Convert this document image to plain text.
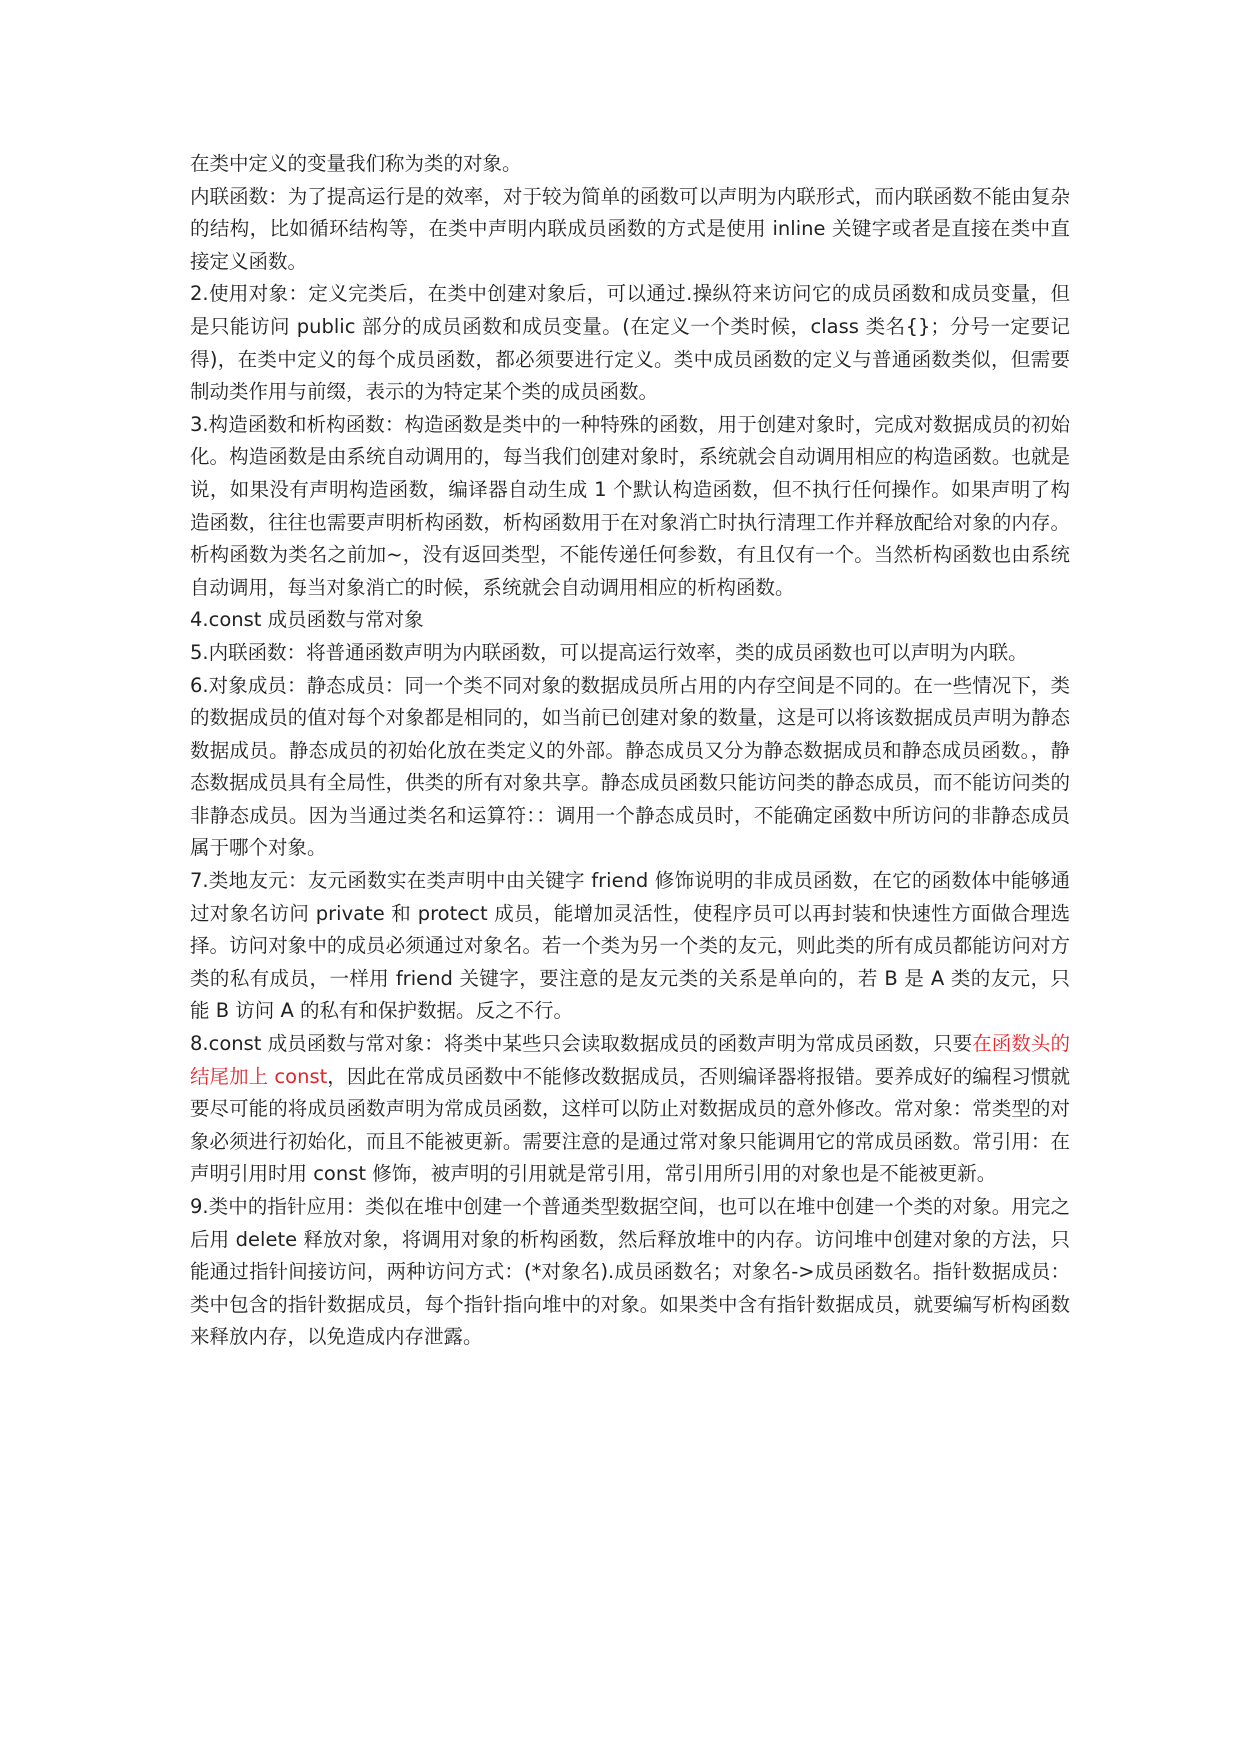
在类中定义的变量我们称为类的对象。

内联函数：为了提高运行是的效率，对于较为简单的函数可以声明为内联形式，而内联函数不能由复杂的结构，比如循环结构等，在类中声明内联成员函数的方式是使用 inline 关键字或者是直接在类中直接定义函数。

2.使用对象：定义完类后，在类中创建对象后，可以通过.操纵符来访问它的成员函数和成员变量，但是只能访问 public 部分的成员函数和成员变量。(在定义一个类时候，class 类名{}；分号一定要记得)，在类中定义的每个成员函数，都必须要进行定义。类中成员函数的定义与普通函数类似，但需要制动类作用与前缀，表示的为特定某个类的成员函数。

3.构造函数和析构函数：构造函数是类中的一种特殊的函数，用于创建对象时，完成对数据成员的初始化。构造函数是由系统自动调用的，每当我们创建对象时，系统就会自动调用相应的构造函数。也就是说，如果没有声明构造函数，编译器自动生成 1 个默认构造函数，但不执行任何操作。如果声明了构造函数，往往也需要声明析构函数，析构函数用于在对象消亡时执行清理工作并释放配给对象的内存。析构函数为类名之前加~，没有返回类型，不能传递任何参数，有且仅有一个。当然析构函数也由系统自动调用，每当对象消亡的时候，系统就会自动调用相应的析构函数。

4.const 成员函数与常对象

5.内联函数：将普通函数声明为内联函数，可以提高运行效率，类的成员函数也可以声明为内联。

6.对象成员：静态成员：同一个类不同对象的数据成员所占用的内存空间是不同的。在一些情况下，类的数据成员的值对每个对象都是相同的，如当前已创建对象的数量，这是可以将该数据成员声明为静态数据成员。静态成员的初始化放在类定义的外部。静态成员又分为静态数据成员和静态成员函数。，静态数据成员具有全局性，供类的所有对象共享。静态成员函数只能访问类的静态成员，而不能访问类的非静态成员。因为当通过类名和运算符：：调用一个静态成员时，不能确定函数中所访问的非静态成员属于哪个对象。

7.类地友元：友元函数实在类声明中由关键字 friend 修饰说明的非成员函数，在它的函数体中能够通过对象名访问 private 和 protect 成员，能增加灵活性，使程序员可以再封装和快速性方面做合理选择。访问对象中的成员必须通过对象名。若一个类为另一个类的友元，则此类的所有成员都能访问对方类的私有成员，一样用 friend 关键字，要注意的是友元类的关系是单向的，若 B 是 A 类的友元，只能 B 访问 A 的私有和保护数据。反之不行。

8.const 成员函数与常对象：将类中某些只会读取数据成员的函数声明为常成员函数，只要在函数头的结尾加上 const，因此在常成员函数中不能修改数据成员，否则编译器将报错。要养成好的编程习惯就要尽可能的将成员函数声明为常成员函数，这样可以防止对数据成员的意外修改。常对象：常类型的对象必须进行初始化，而且不能被更新。需要注意的是通过常对象只能调用它的常成员函数。常引用：在声明引用时用 const 修饰，被声明的引用就是常引用，常引用所引用的对象也是不能被更新。

9.类中的指针应用：类似在堆中创建一个普通类型数据空间，也可以在堆中创建一个类的对象。用完之后用 delete 释放对象，将调用对象的析构函数，然后释放堆中的内存。访问堆中创建对象的方法，只能通过指针间接访问，两种访问方式：(*对象名).成员函数名；对象名->成员函数名。指针数据成员：类中包含的指针数据成员，每个指针指向堆中的对象。如果类中含有指针数据成员，就要编写析构函数来释放内存，以免造成内存泄露。
